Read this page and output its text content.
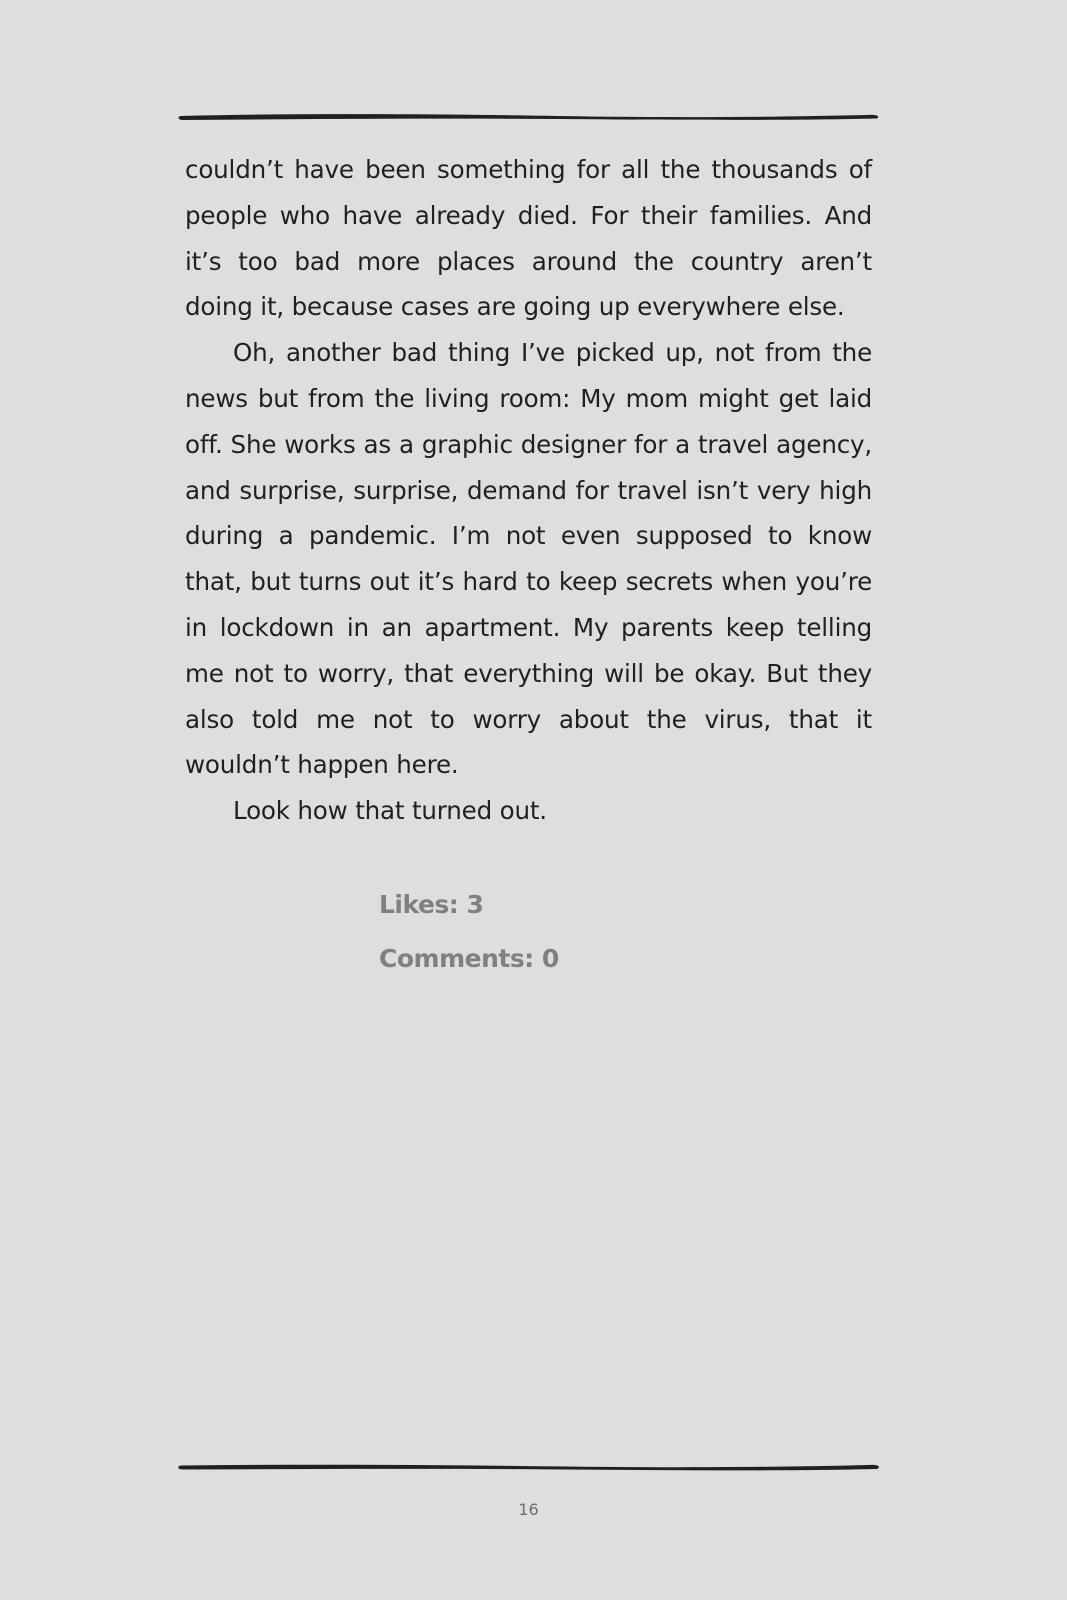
couldn’t have been something for all the thousands of people who have already died. For their families. And it’s too bad more places around the country aren’t doing it, because cases are going up everywhere else.

Oh, another bad thing I’ve picked up, not from the news but from the living room: My mom might get laid off. She works as a graphic designer for a travel agency, and surprise, surprise, demand for travel isn’t very high during a pandemic. I’m not even supposed to know that, but turns out it’s hard to keep secrets when you’re in lockdown in an apartment. My parents keep telling me not to worry, that everything will be okay. But they also told me not to worry about the virus, that it wouldn’t happen here.

Look how that turned out.

Likes: 3
Comments: 0
16
